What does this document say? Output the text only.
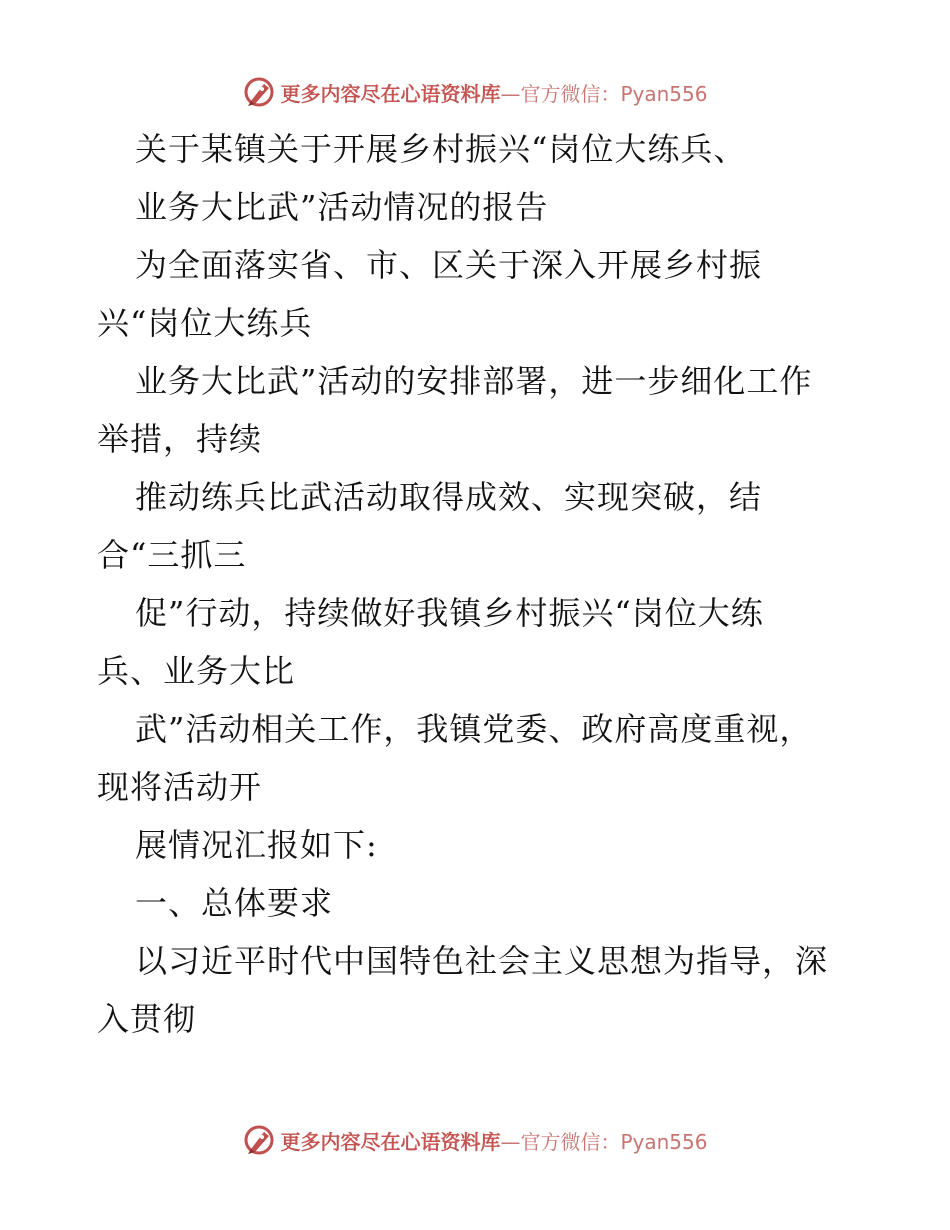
更多内容尽在心语资料库 —官方微信：Pyan556
关于某镇关于开展乡村振兴“岗位大练兵、
业务大比武”活动情况的报告
为全面落实省、市、区关于深入开展乡村振
兴“岗位大练兵
业务大比武”活动的安排部署，进一步细化工作
举措，持续
推动练兵比武活动取得成效、实现突破，结
合“三抓三
促”行动，持续做好我镇乡村振兴“岗位大练
兵、业务大比
武”活动相关工作，我镇党委、政府高度重视，
现将活动开
展情况汇报如下:
一、总体要求
以习近平时代中国特色社会主义思想为指导，深
入贯彻
更多内容尽在心语资料库 —官方微信：Pyan556
